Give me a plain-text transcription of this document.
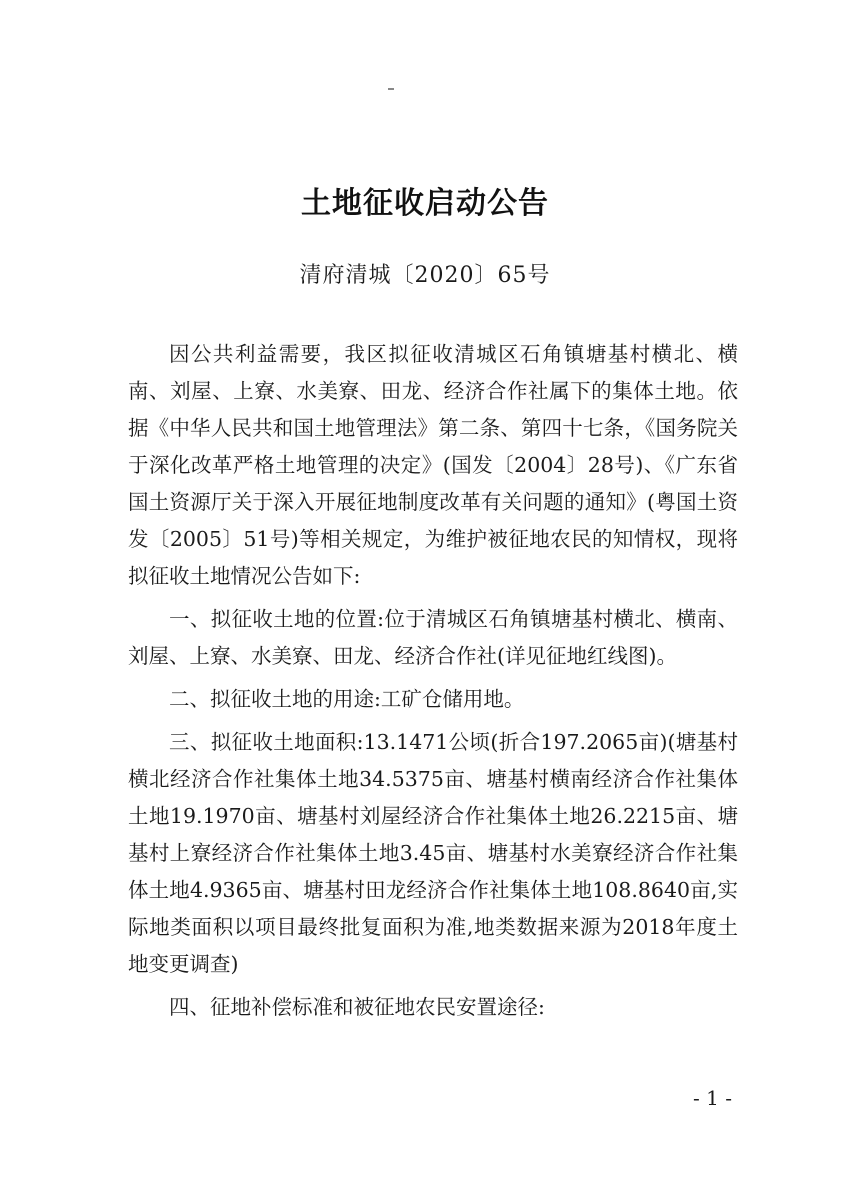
土地征收启动公告
清府清城〔2020〕65号

因公共利益需要，我区拟征收清城区石角镇塘基村横北、横南、刘屋、上寮、水美寮、田龙、经济合作社属下的集体土地。依据《中华人民共和国土地管理法》第二条、第四十七条，《国务院关于深化改革严格土地管理的决定》(国发〔2004〕28号)、《广东省国土资源厅关于深入开展征地制度改革有关问题的通知》(粤国土资发〔2005〕51号)等相关规定，为维护被征地农民的知情权，现将拟征收土地情况公告如下:

一、拟征收土地的位置:位于清城区石角镇塘基村横北、横南、刘屋、上寮、水美寮、田龙、经济合作社(详见征地红线图)。

二、拟征收土地的用途:工矿仓储用地。

三、拟征收土地面积:13.1471公顷(折合197.2065亩)(塘基村横北经济合作社集体土地34.5375亩、塘基村横南经济合作社集体土地19.1970亩、塘基村刘屋经济合作社集体土地26.2215亩、塘基村上寮经济合作社集体土地3.45亩、塘基村水美寮经济合作社集体土地4.9365亩、塘基村田龙经济合作社集体土地108.8640亩,实际地类面积以项目最终批复面积为准,地类数据来源为2018年度土地变更调查)

四、征地补偿标准和被征地农民安置途径:

- 1 -
